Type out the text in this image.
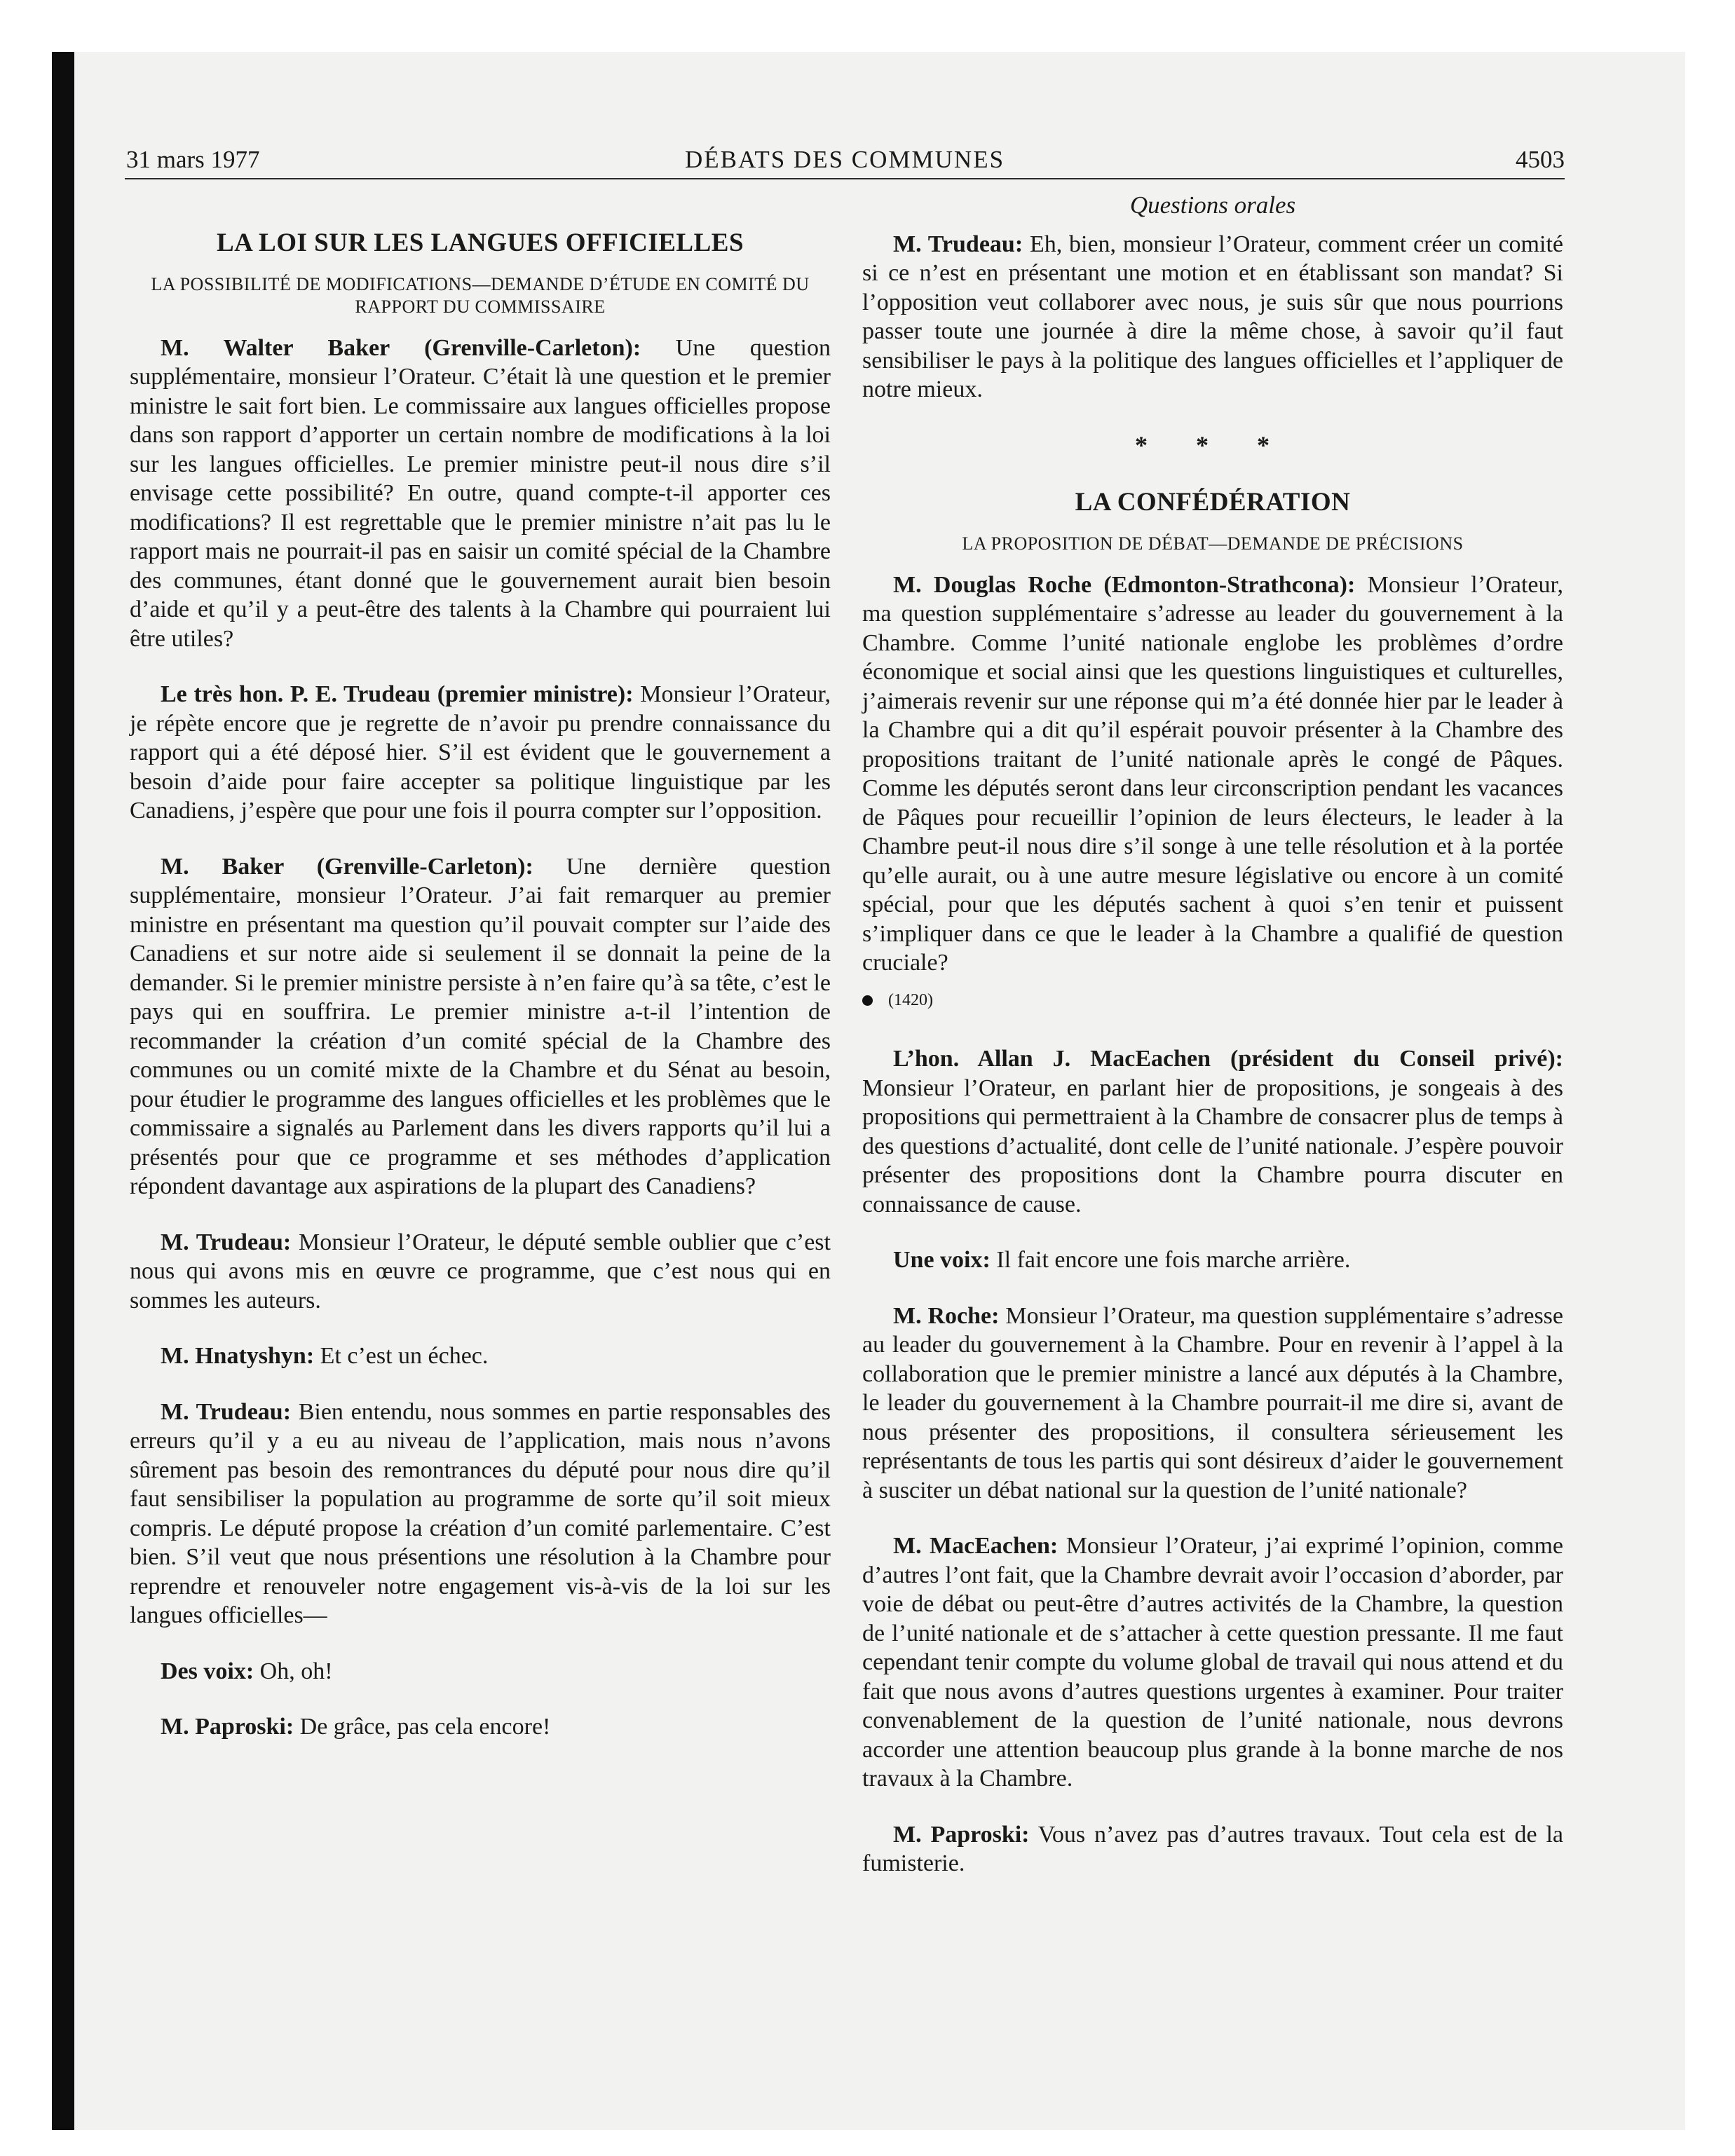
31 mars 1977	DÉBATS DES COMMUNES	4503
LA LOI SUR LES LANGUES OFFICIELLES
LA POSSIBILITÉ DE MODIFICATIONS—DEMANDE D’ÉTUDE EN COMITÉ DU RAPPORT DU COMMISSAIRE

M. Walter Baker (Grenville-Carleton): Une question supplémentaire, monsieur l’Orateur. C’était là une question et le premier ministre le sait fort bien. Le commissaire aux langues officielles propose dans son rapport d’apporter un certain nombre de modifications à la loi sur les langues officielles. Le premier ministre peut-il nous dire s’il envisage cette possibilité? En outre, quand compte-t-il apporter ces modifications? Il est regrettable que le premier ministre n’ait pas lu le rapport mais ne pourrait-il pas en saisir un comité spécial de la Chambre des communes, étant donné que le gouvernement aurait bien besoin d’aide et qu’il y a peut-être des talents à la Chambre qui pourraient lui être utiles?

Le très hon. P. E. Trudeau (premier ministre): Monsieur l’Orateur, je répète encore que je regrette de n’avoir pu prendre connaissance du rapport qui a été déposé hier. S’il est évident que le gouvernement a besoin d’aide pour faire accepter sa politique linguistique par les Canadiens, j’espère que pour une fois il pourra compter sur l’opposition.

M. Baker (Grenville-Carleton): Une dernière question supplémentaire, monsieur l’Orateur. J’ai fait remarquer au premier ministre en présentant ma question qu’il pouvait compter sur l’aide des Canadiens et sur notre aide si seulement il se donnait la peine de la demander. Si le premier ministre persiste à n’en faire qu’à sa tête, c’est le pays qui en souffrira. Le premier ministre a-t-il l’intention de recommander la création d’un comité spécial de la Chambre des communes ou un comité mixte de la Chambre et du Sénat au besoin, pour étudier le programme des langues officielles et les problèmes que le commissaire a signalés au Parlement dans les divers rapports qu’il lui a présentés pour que ce programme et ses méthodes d’application répondent davantage aux aspirations de la plupart des Canadiens?

M. Trudeau: Monsieur l’Orateur, le député semble oublier que c’est nous qui avons mis en œuvre ce programme, que c’est nous qui en sommes les auteurs.

M. Hnatyshyn: Et c’est un échec.

M. Trudeau: Bien entendu, nous sommes en partie responsables des erreurs qu’il y a eu au niveau de l’application, mais nous n’avons sûrement pas besoin des remontrances du député pour nous dire qu’il faut sensibiliser la population au programme de sorte qu’il soit mieux compris. Le député propose la création d’un comité parlementaire. C’est bien. S’il veut que nous présentions une résolution à la Chambre pour reprendre et renouveler notre engagement vis-à-vis de la loi sur les langues officielles—

Des voix: Oh, oh!

M. Paproski: De grâce, pas cela encore!

Questions orales

M. Trudeau: Eh, bien, monsieur l’Orateur, comment créer un comité si ce n’est en présentant une motion et en établissant son mandat? Si l’opposition veut collaborer avec nous, je suis sûr que nous pourrions passer toute une journée à dire la même chose, à savoir qu’il faut sensibiliser le pays à la politique des langues officielles et l’appliquer de notre mieux.

* * *
LA CONFÉDÉRATION
LA PROPOSITION DE DÉBAT—DEMANDE DE PRÉCISIONS

M. Douglas Roche (Edmonton-Strathcona): Monsieur l’Orateur, ma question supplémentaire s’adresse au leader du gouvernement à la Chambre. Comme l’unité nationale englobe les problèmes d’ordre économique et social ainsi que les questions linguistiques et culturelles, j’aimerais revenir sur une réponse qui m’a été donnée hier par le leader à la Chambre qui a dit qu’il espérait pouvoir présenter à la Chambre des propositions traitant de l’unité nationale après le congé de Pâques. Comme les députés seront dans leur circonscription pendant les vacances de Pâques pour recueillir l’opinion de leurs électeurs, le leader à la Chambre peut-il nous dire s’il songe à une telle résolution et à la portée qu’elle aurait, ou à une autre mesure législative ou encore à un comité spécial, pour que les députés sachent à quoi s’en tenir et puissent s’impliquer dans ce que le leader à la Chambre a qualifié de question cruciale?

(1420)

L’hon. Allan J. MacEachen (président du Conseil privé): Monsieur l’Orateur, en parlant hier de propositions, je songeais à des propositions qui permettraient à la Chambre de consacrer plus de temps à des questions d’actualité, dont celle de l’unité nationale. J’espère pouvoir présenter des propositions dont la Chambre pourra discuter en connaissance de cause.

Une voix: Il fait encore une fois marche arrière.

M. Roche: Monsieur l’Orateur, ma question supplémentaire s’adresse au leader du gouvernement à la Chambre. Pour en revenir à l’appel à la collaboration que le premier ministre a lancé aux députés à la Chambre, le leader du gouvernement à la Chambre pourrait-il me dire si, avant de nous présenter des propositions, il consultera sérieusement les représentants de tous les partis qui sont désireux d’aider le gouvernement à susciter un débat national sur la question de l’unité nationale?

M. MacEachen: Monsieur l’Orateur, j’ai exprimé l’opinion, comme d’autres l’ont fait, que la Chambre devrait avoir l’occasion d’aborder, par voie de débat ou peut-être d’autres activités de la Chambre, la question de l’unité nationale et de s’attacher à cette question pressante. Il me faut cependant tenir compte du volume global de travail qui nous attend et du fait que nous avons d’autres questions urgentes à examiner. Pour traiter convenablement de la question de l’unité nationale, nous devrons accorder une attention beaucoup plus grande à la bonne marche de nos travaux à la Chambre.

M. Paproski: Vous n’avez pas d’autres travaux. Tout cela est de la fumisterie.
